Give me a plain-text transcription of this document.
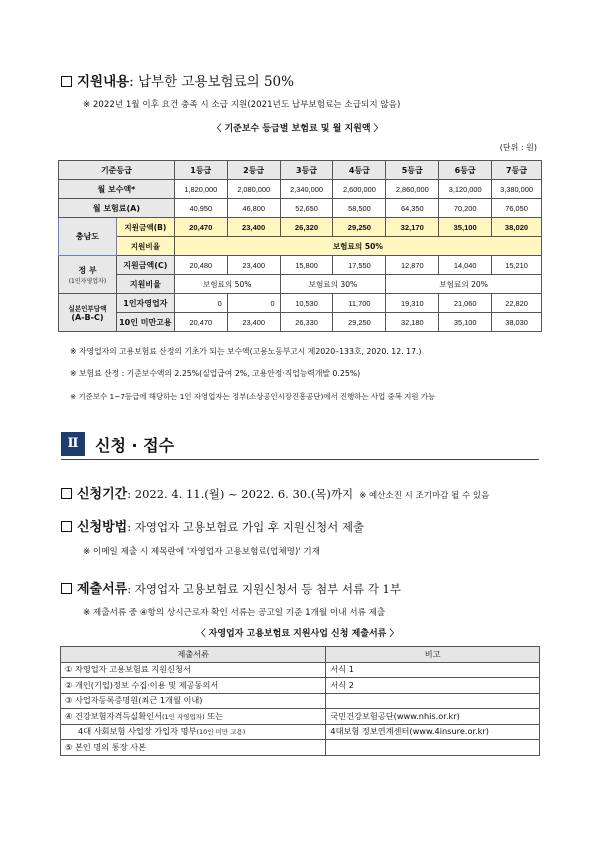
지원내용: 납부한 고용보험료의 50%
※ 2022년 1월 이후 요건 충족 시 소급 지원(2021년도 납부보험료는 소급되지 않음)
〈 기준보수 등급별 보험료 및 월 지원액 〉
(단위 : 원)
기준등급		1등급	2등급	3등급	4등급	5등급	6등급	7등급
월 보수액*		1,820,000	2,080,000	2,340,000	2,600,000	2,860,000	3,120,000	3,380,000
월 보험료(A)		40,950	46,800	52,650	58,500	64,350	70,200	76,050
충남도	지원금액(B)	20,470	23,400	26,320	29,250	32,170	35,100	38,020
	지원비율	보험료의 50%						

정 부
(1인자영업자)	지원금액(C)	20,480	23,400	15,800	17,550	12,870	14,040	15,210
	지원비율	보험료의 50%		보험료의 30%		보험료의 20%		

실본인부담액
(A-B-C)	1인자영업자	0	0	10,530	11,700	19,310	21,060	22,820
	10인 미만고용	20,470	23,400	26,330	29,250	32,180	35,100	38,030
※ 자영업자의 고용보험료 산정의 기초가 되는 보수액(고용노동부고시 제2020–133호, 2020. 12. 17.)
※ 보험료 산정 : 기준보수액의 2.25%(실업급여 2%, 고용안정·직업능력개발 0.25%)
※ 기준보수 1~7등급에 해당하는 1인 자영업자는 정부(소상공인시장진흥공단)에서 진행하는 사업 중복 지원 가능
Ⅱ	신청 · 접수
신청기간: 2022. 4. 11.(월) ~ 2022. 6. 30.(목)까지 ※ 예산소진 시 조기마감 될 수 있음
신청방법: 자영업자 고용보험료 가입 후 지원신청서 제출
※ 이메일 제출 시 제목란에 '자영업자 고용보험료(업체명)' 기재
제출서류: 자영업자 고용보험료 지원신청서 등 첨부 서류 각 1부
※ 제출서류 중 ④항의 상시근로자 확인 서류는 공고일 기준 1개월 이내 서류 제출
〈 자영업자 고용보험료 지원사업 신청 제출서류 〉
제출서류	비고
① 자영업자 고용보험료 지원신청서	서식 1
② 개인(기업)정보 수집·이용 및 제공동의서	서식 2
③ 사업자등록증명원(최근 1개월 이내)	
④ 건강보험자격득실확인서(1인 자영업자) 또는	국민건강보험공단(www.nhis.or.kr)
4대 사회보험 사업장 가입자 명부(10인 미만 고용)	4대보험 정보연계센터(www.4insure.or.kr)
⑤ 본인 명의 통장 사본	
